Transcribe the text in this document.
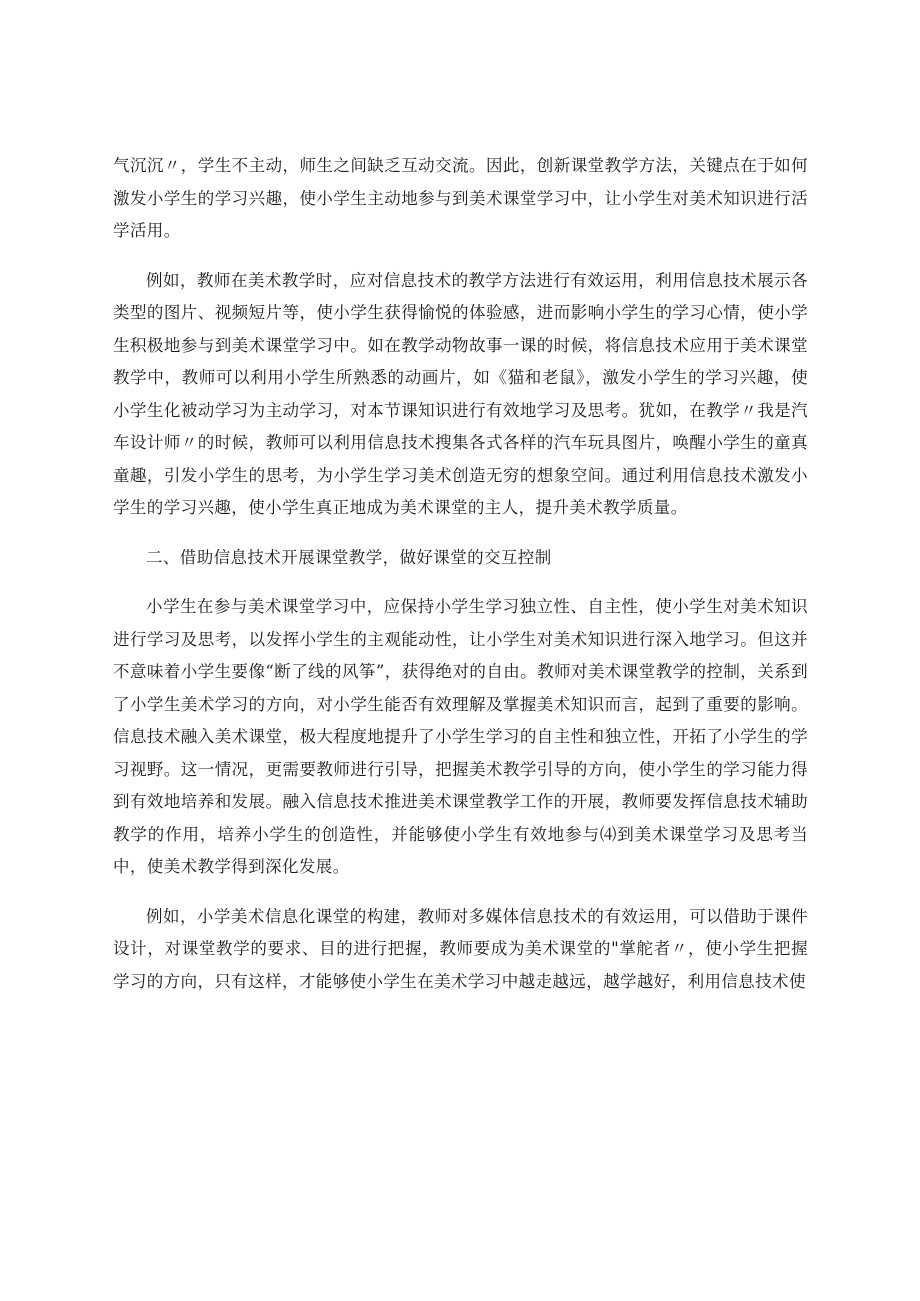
气沉沉〃，学生不主动，师生之间缺乏互动交流。因此，创新课堂教学方法，关键点在于如何激发小学生的学习兴趣，使小学生主动地参与到美术课堂学习中，让小学生对美术知识进行活学活用。

例如，教师在美术教学时，应对信息技术的教学方法进行有效运用，利用信息技术展示各类型的图片、视频短片等，使小学生获得愉悦的体验感，进而影响小学生的学习心情，使小学生积极地参与到美术课堂学习中。如在教学动物故事一课的时候，将信息技术应用于美术课堂教学中，教师可以利用小学生所熟悉的动画片，如《猫和老鼠》，激发小学生的学习兴趣，使小学生化被动学习为主动学习，对本节课知识进行有效地学习及思考。犹如，在教学〃我是汽车设计师〃的时候，教师可以利用信息技术搜集各式各样的汽车玩具图片，唤醒小学生的童真童趣，引发小学生的思考，为小学生学习美术创造无穷的想象空间。通过利用信息技术激发小学生的学习兴趣，使小学生真正地成为美术课堂的主人，提升美术教学质量。

二、借助信息技术开展课堂教学，做好课堂的交互控制

小学生在参与美术课堂学习中，应保持小学生学习独立性、自主性，使小学生对美术知识进行学习及思考，以发挥小学生的主观能动性，让小学生对美术知识进行深入地学习。但这并不意味着小学生要像“断了线的风筝”，获得绝对的自由。教师对美术课堂教学的控制，关系到了小学生美术学习的方向，对小学生能否有效理解及掌握美术知识而言，起到了重要的影响。信息技术融入美术课堂，极大程度地提升了小学生学习的自主性和独立性，开拓了小学生的学习视野。这一情况，更需要教师进行引导，把握美术教学引导的方向，使小学生的学习能力得到有效地培养和发展。融入信息技术推进美术课堂教学工作的开展，教师要发挥信息技术辅助教学的作用，培养小学生的创造性，并能够使小学生有效地参与⑷到美术课堂学习及思考当中，使美术教学得到深化发展。

例如，小学美术信息化课堂的构建，教师对多媒体信息技术的有效运用，可以借助于课件设计，对课堂教学的要求、目的进行把握，教师要成为美术课堂的"掌舵者〃，使小学生把握学习的方向，只有这样，才能够使小学生在美术学习中越走越远，越学越好，利用信息技术使
